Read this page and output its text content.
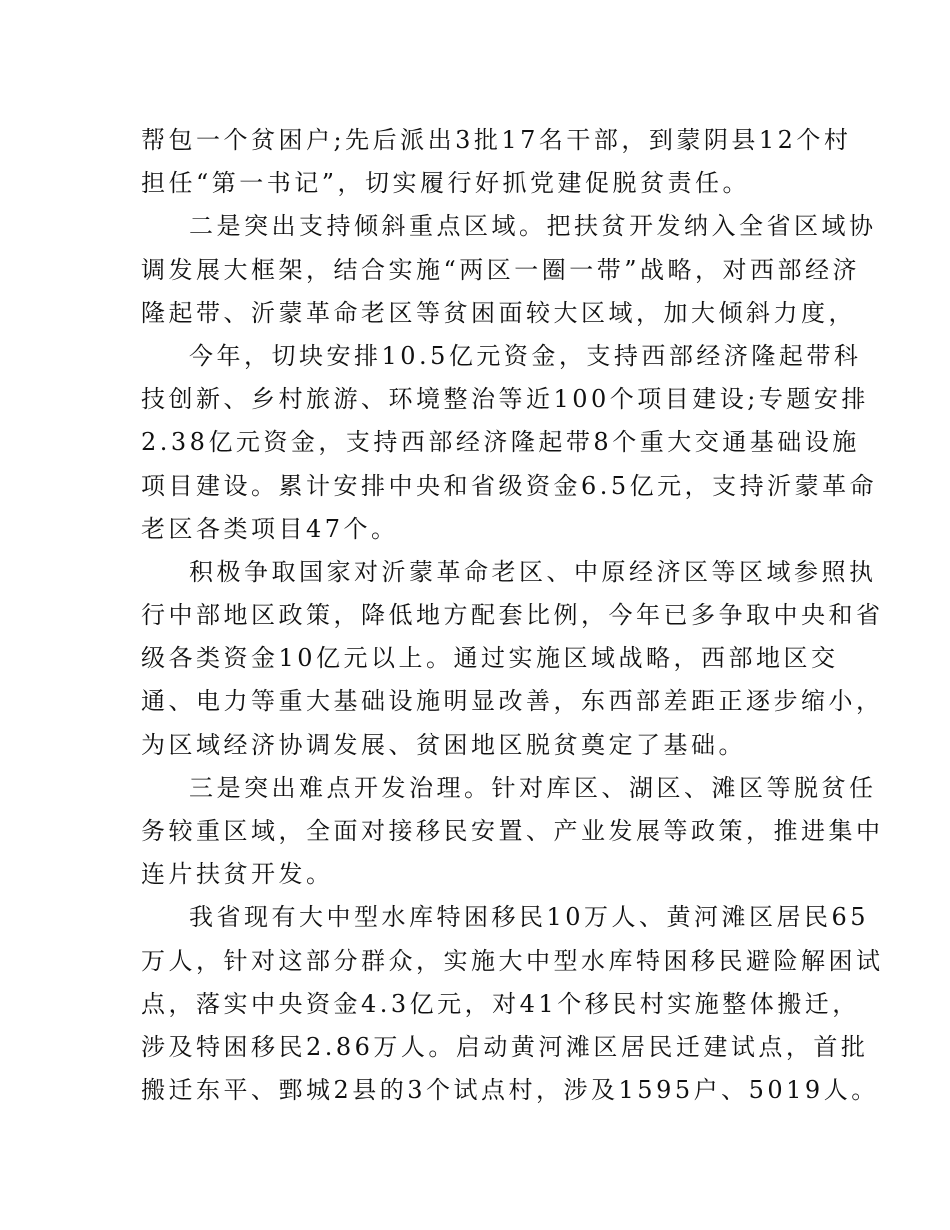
帮包一个贫困户;先后派出3批17名干部，到蒙阴县12个村

担任“第一书记”，切实履行好抓党建促脱贫责任。

二是突出支持倾斜重点区域。把扶贫开发纳入全省区域协

调发展大框架，结合实施“两区一圈一带”战略，对西部经济

隆起带、沂蒙革命老区等贫困面较大区域，加大倾斜力度，

今年，切块安排10.5亿元资金，支持西部经济隆起带科

技创新、乡村旅游、环境整治等近100个项目建设;专题安排

2.38亿元资金，支持西部经济隆起带8个重大交通基础设施

项目建设。累计安排中央和省级资金6.5亿元，支持沂蒙革命

老区各类项目47个。

积极争取国家对沂蒙革命老区、中原经济区等区域参照执

行中部地区政策，降低地方配套比例，今年已多争取中央和省

级各类资金10亿元以上。通过实施区域战略，西部地区交

通、电力等重大基础设施明显改善，东西部差距正逐步缩小，

为区域经济协调发展、贫困地区脱贫奠定了基础。

三是突出难点开发治理。针对库区、湖区、滩区等脱贫任

务较重区域，全面对接移民安置、产业发展等政策，推进集中

连片扶贫开发。

我省现有大中型水库特困移民10万人、黄河滩区居民65

万人，针对这部分群众，实施大中型水库特困移民避险解困试

点，落实中央资金4.3亿元，对41个移民村实施整体搬迁，

涉及特困移民2.86万人。启动黄河滩区居民迁建试点，首批

搬迁东平、鄄城2县的3个试点村，涉及1595户、5019人。
